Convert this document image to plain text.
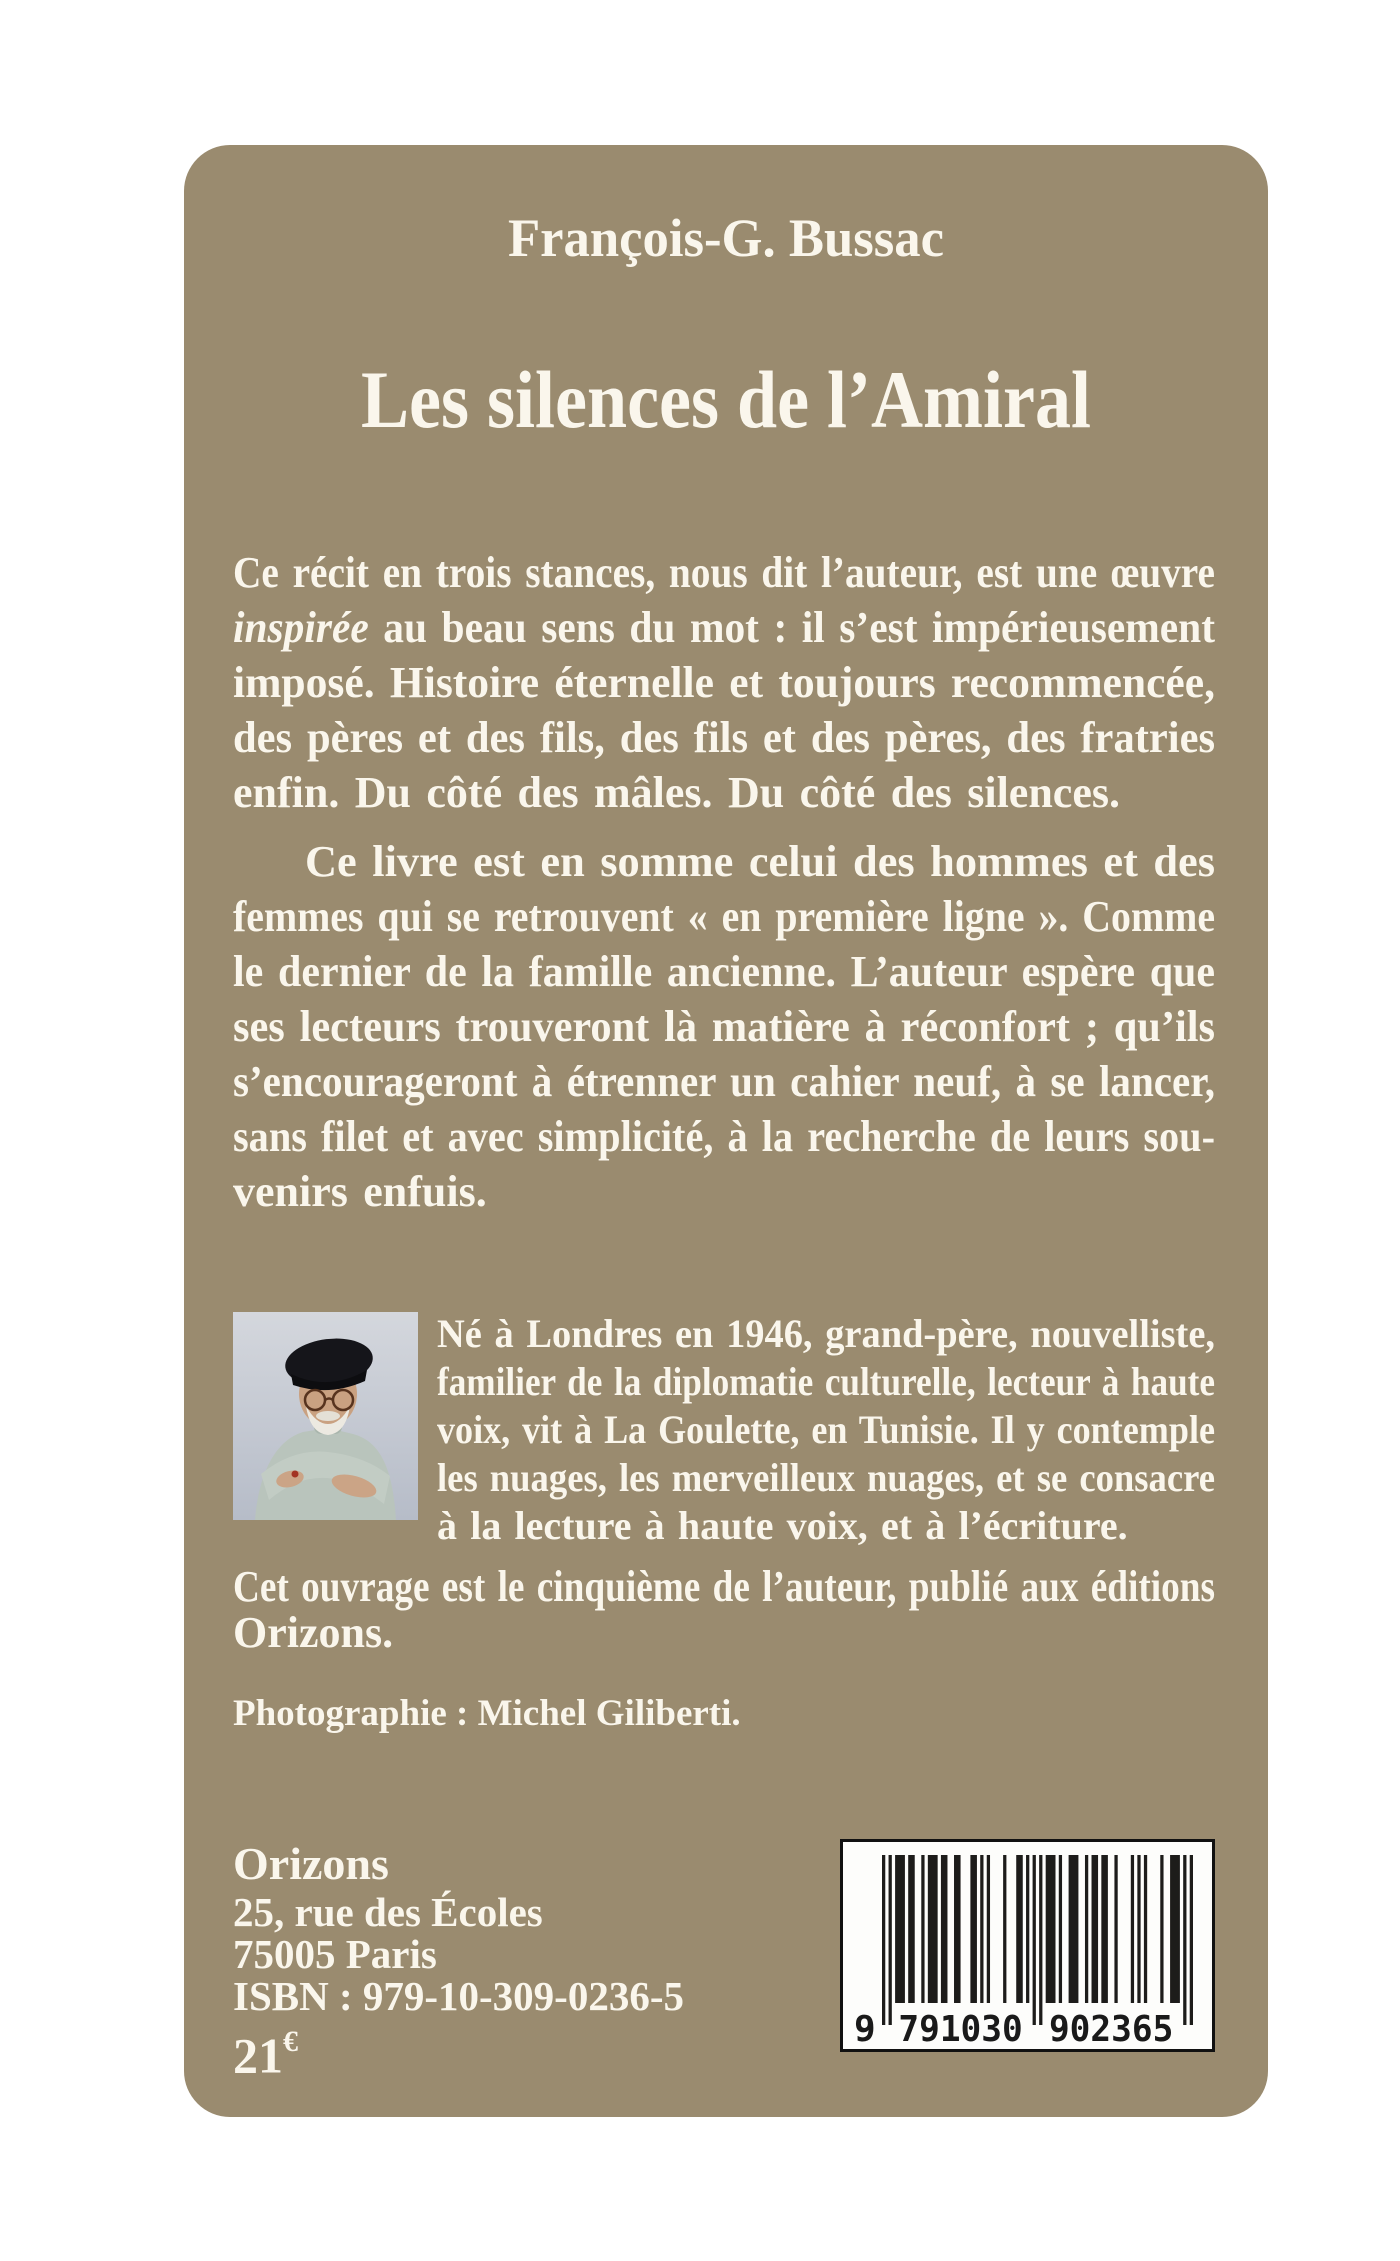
François-G. Bussac
Les silences de l’Amiral
Ce récit en trois stances, nous dit l’auteur, est une œuvre
inspirée au beau sens du mot : il s’est impérieusement
imposé. Histoire éternelle et toujours recommencée,
des pères et des fils, des fils et des pères, des fratries
enfin. Du côté des mâles. Du côté des silences.
Ce livre est en somme celui des hommes et des
femmes qui se retrouvent « en première ligne ». Comme
le dernier de la famille ancienne. L’auteur espère que
ses lecteurs trouveront là matière à réconfort ; qu’ils
s’encourageront à étrenner un cahier neuf, à se lancer,
sans filet et avec simplicité, à la recherche de leurs sou-
venirs enfuis.
Né à Londres en 1946, grand-père, nouvelliste,
familier de la diplomatie culturelle, lecteur à haute
voix, vit à La Goulette, en Tunisie. Il y contemple
les nuages, les merveilleux nuages, et se consacre
à la lecture à haute voix, et à l’écriture.
Cet ouvrage est le cinquième de l’auteur, publié aux éditions
Orizons.
Photographie : Michel Giliberti.
Orizons
25, rue des Écoles
75005 Paris
ISBN : 979-10-309-0236-5
21€	9 791030 902365
